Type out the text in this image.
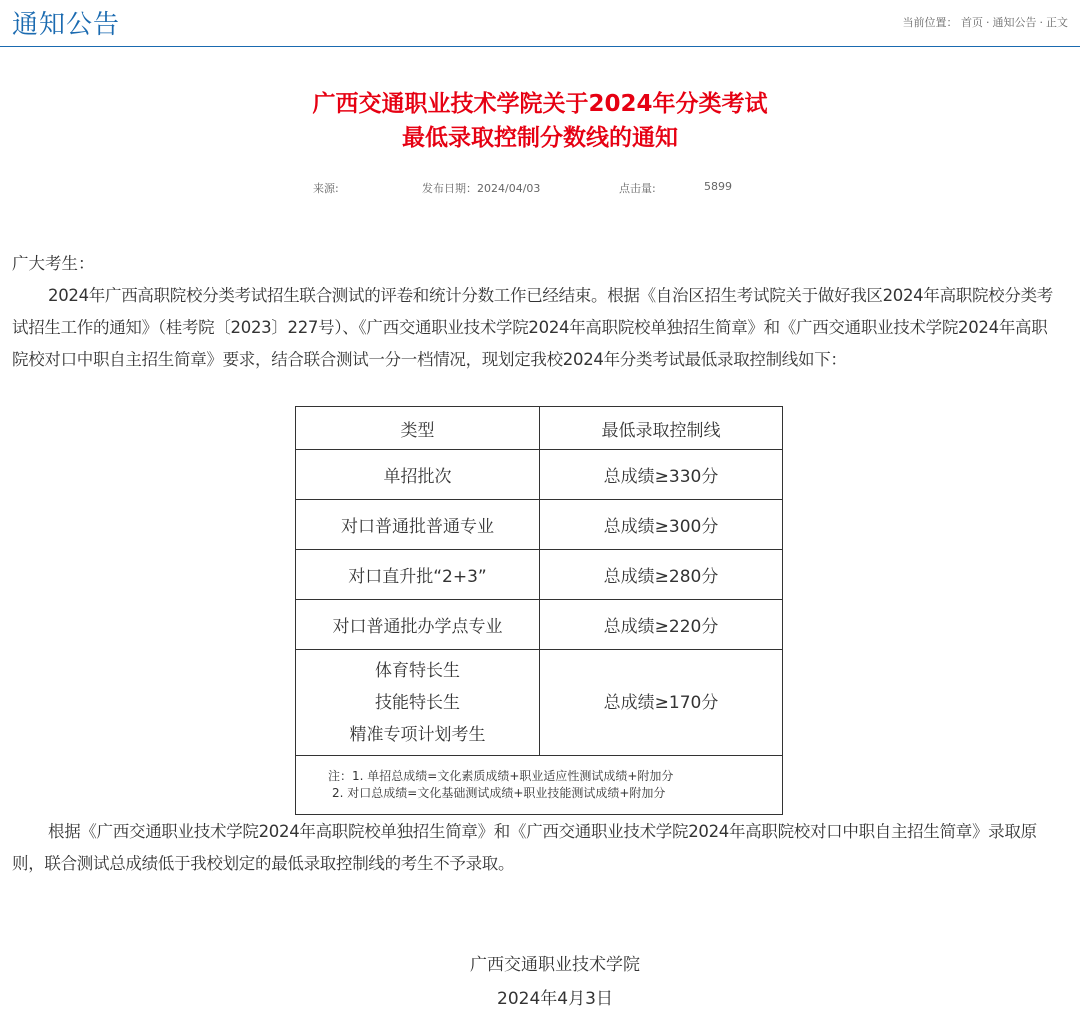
通知公告	当前位置： 首页 · 通知公告 · 正文
广西交通职业技术学院关于2024年分类考试
最低录取控制分数线的通知
来源:	发布日期：2024/04/03	点击量:	5899

广大考生：

2024年广西高职院校分类考试招生联合测试的评卷和统计分数工作已经结束。根据《自治区招生考试院关于做好我区2024年高职院校分类考试招生工作的通知》（桂考院〔2023〕227号）、《广西交通职业技术学院2024年高职院校单独招生简章》和《广西交通职业技术学院2024年高职院校对口中职自主招生简章》要求，结合联合测试一分一档情况，现划定我校2024年分类考试最低录取控制线如下：

类型	最低录取控制线
单招批次	总成绩≥330分
对口普通批普通专业	总成绩≥300分
对口直升批“2+3”	总成绩≥280分
对口普通批办学点专业	总成绩≥220分

体育特长生
技能特长生
精准专项计划考生	总成绩≥170分

注：1. 单招总成绩=文化素质成绩+职业适应性测试成绩+附加分
2. 对口总成绩=文化基础测试成绩+职业技能测试成绩+附加分	

根据《广西交通职业技术学院2024年高职院校单独招生简章》和《广西交通职业技术学院2024年高职院校对口中职自主招生简章》录取原则，联合测试总成绩低于我校划定的最低录取控制线的考生不予录取。

广西交通职业技术学院
2024年4月3日
